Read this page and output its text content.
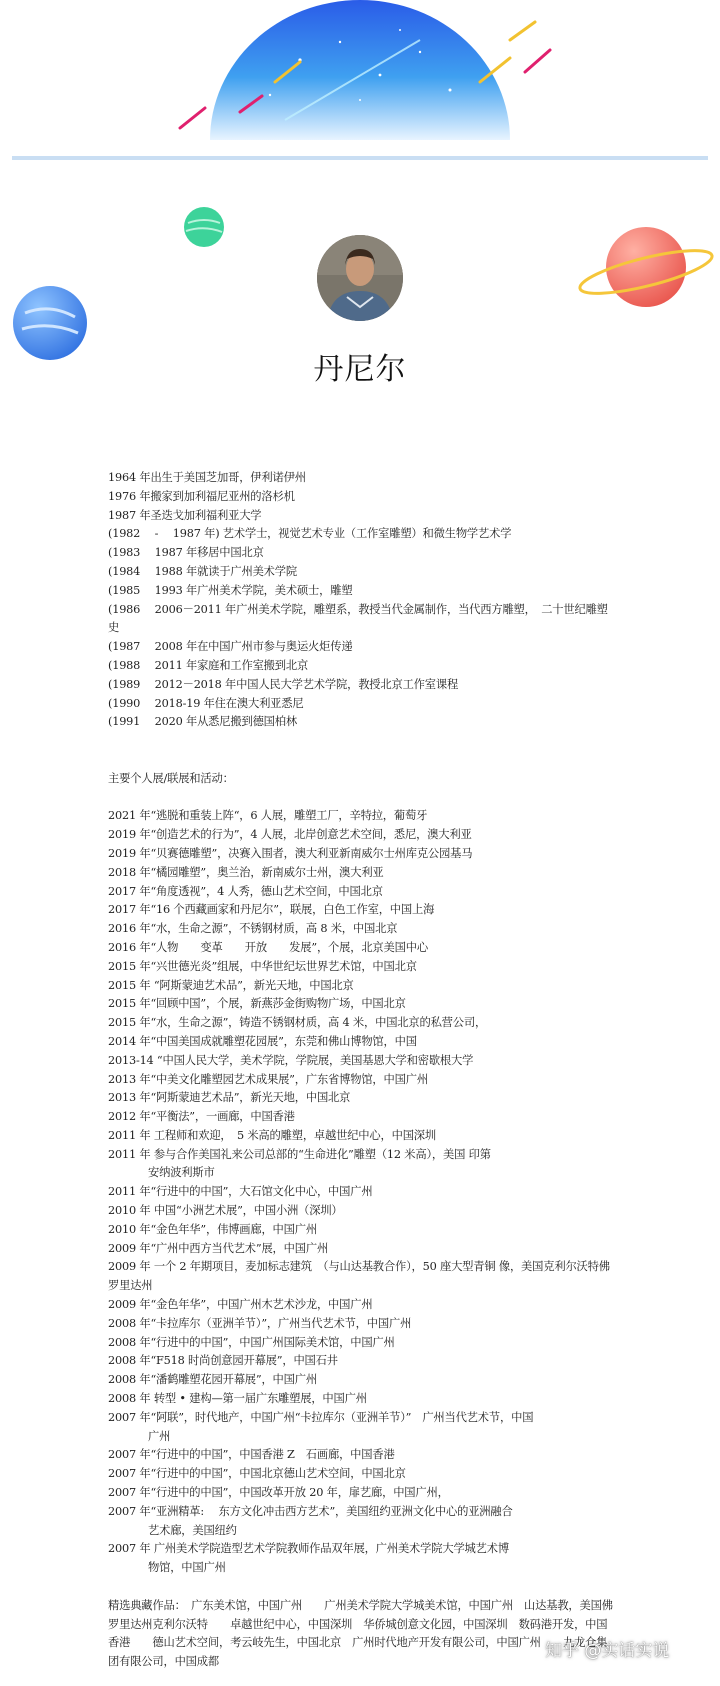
丹尼尔
1964 年出生于美国芝加哥，伊利诺伊州
1976 年搬家到加利福尼亚州的洛杉机
1987 年圣迭戈加利福利亚大学
(1982　 -　 1987 年) 艺术学士，视觉艺术专业（工作室雕塑）和微生物学艺术学
(1983　 1987 年移居中国北京
(1984　 1988 年就读于广州美术学院
(1985　 1993 年广州美术学院，美术硕士，雕塑
(1986　 2006－2011 年广州美术学院，雕塑系，教授当代金属制作，当代西方雕塑，　二十世纪雕塑史
(1987　 2008 年在中国广州市参与奥运火炬传递
(1988　 2011 年家庭和工作室搬到北京
(1989　 2012－2018 年中国人民大学艺术学院，教授北京工作室课程
(1990　 2018-19 年住在澳大利亚悉尼
(1991　 2020 年从悉尼搬到德国柏林
主要个人展/联展和活动：
2021 年“逃脱和重装上阵“，6 人展，雕塑工厂，辛特拉，葡萄牙
2019 年“创造艺术的行为”，4 人展，北岸创意艺术空间，悉尼，澳大利亚
2019 年“贝赛德雕塑”，决赛入围者，澳大利亚新南威尔士州库克公园基马
2018 年“橘园雕塑”，奥兰治，新南威尔士州，澳大利亚
2017 年“角度透视”，4 人秀，德山艺术空间，中国北京
2017 年“16 个西藏画家和丹尼尔”，联展，白色工作室，中国上海
2016 年“水，生命之源”，不锈钢材质，高 8 米，中国北京
2016 年“人物　　变革　　开放　　发展”，个展，北京美国中心
2015 年“兴世德光炎”组展，中华世纪坛世界艺术馆，中国北京
2015 年 “阿斯蒙迪艺术品”，新光天地，中国北京
2015 年“回顾中国”，个展，新燕莎金街购物广场，中国北京
2015 年“水，生命之源”，铸造不锈钢材质，高 4 米，中国北京的私营公司，
2014 年“中国美国成就雕塑花园展”，东莞和佛山博物馆，中国
2013-14 “中国人民大学，美术学院，学院展，美国基恩大学和密歇根大学
2013 年“中美文化雕塑园艺术成果展”，广东省博物馆，中国广州
2013 年“阿斯蒙迪艺术品”，新光天地，中国北京
2012 年“平衡法”，一画廊，中国香港
2011 年 工程师和欢迎，　5 米高的雕塑，卓越世纪中心，中国深圳
2011 年 参与合作美国礼来公司总部的“生命进化”雕塑（12 米高），美国 印第
安纳波利斯市
2011 年“行进中的中国”，大石馆文化中心，中国广州
2010 年 中国“小洲艺术展”，中国小洲（深圳）
2010 年“金色年华”，伟博画廊，中国广州
2009 年“广州中西方当代艺术”展，中国广州
2009 年 一个 2 年期项目，麦加标志建筑　（与山达基教合作），50 座大型青铜 像，美国克利尔沃特佛罗里达州
2009 年“金色年华”，中国广州木艺术沙龙，中国广州
2008 年“卡拉库尔（亚洲羊节）”，广州当代艺术节，中国广州
2008 年“行进中的中国”，中国广州国际美术馆，中国广州
2008 年“F518 时尚创意园开幕展”，中国石井
2008 年“潘鹤雕塑花园开幕展”，中国广州
2008 年 转型 • 建构—第一届广东雕塑展，中国广州
2007 年“阿联”，时代地产，中国广州“卡拉库尔（亚洲羊节）”　广州当代艺术节，中国
广州
2007 年“行进中的中国”，中国香港 Z　石画廊，中国香港
2007 年“行进中的中国”，中国北京德山艺术空间，中国北京
2007 年“行进中的中国”，中国改革开放 20 年，扉艺廊，中国广州，
2007 年“亚洲精革:　 东方文化冲击西方艺术”，美国纽约亚洲文化中心的亚洲融合
艺术廊，美国纽约
2007 年 广州美术学院造型艺术学院教师作品双年展，广州美术学院大学城艺术博
物馆，中国广州
精选典藏作品：　广东美术馆，中国广州　　广州美术学院大学城美术馆，中国广州　山达基教，美国佛罗里达州克利尔沃特　　卓越世纪中心，中国深圳　华侨城创意文化园，中国深圳　数码港开发，中国香港　　德山艺术空间，考云岐先生，中国北京　广州时代地产开发有限公司，中国广州　　九龙仓集团有限公司，中国成都
知乎 @实话实说
